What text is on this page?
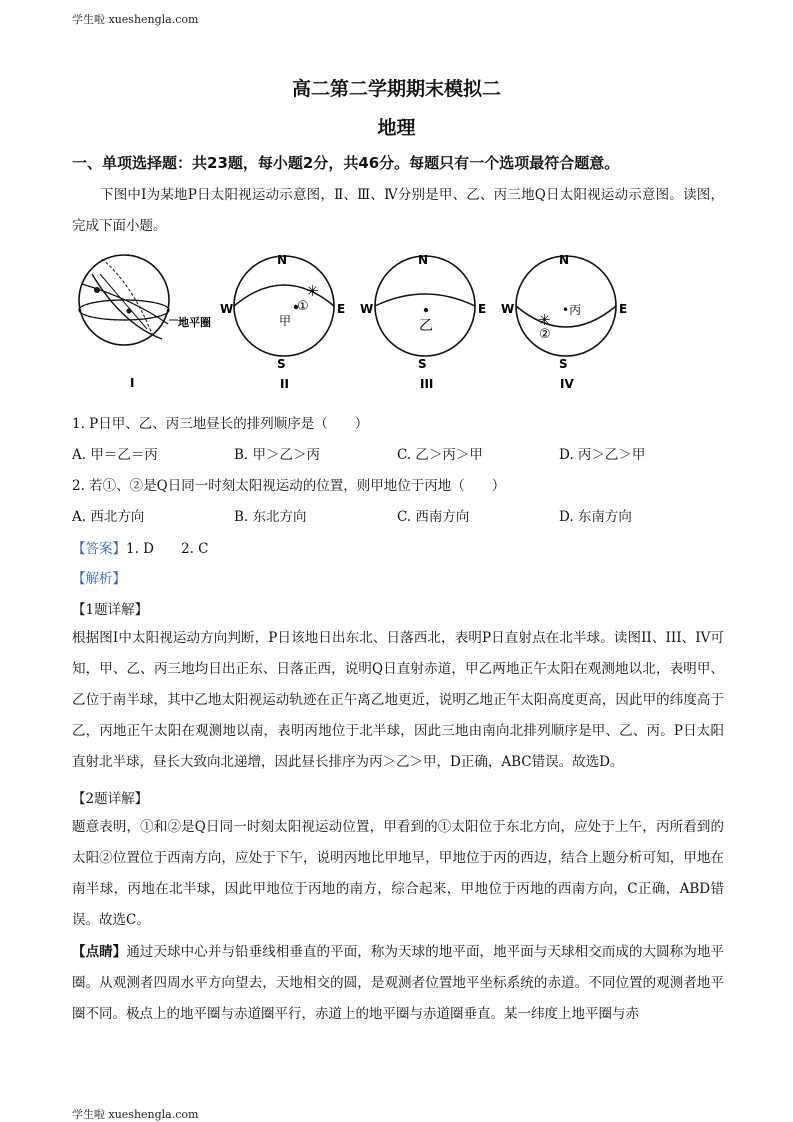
学生啦 xueshengla.com
高二第二学期期末模拟二
地理
一、单项选择题：共23题，每小题2分，共46分。每题只有一个选项最符合题意。
下图中Ⅰ为某地P日太阳视运动示意图，Ⅱ、Ⅲ、Ⅳ分别是甲、乙、丙三地Q日太阳视运动示意图。读图，完成下面小题。
地平圈
I
N
S
W	E
甲
✳
①
II
N
S
W	E
乙
III
N
S
W	E
•丙
✳
②
IV
1. P日甲、乙、丙三地昼长的排列顺序是（　　）
A. 甲＝乙＝丙	B. 甲＞乙＞丙	C. 乙＞丙＞甲	D. 丙＞乙＞甲
2. 若①、②是Q日同一时刻太阳视运动的位置，则甲地位于丙地（　　）
A. 西北方向	B. 东北方向	C. 西南方向	D. 东南方向
【答案】1. D　　2. C
【解析】
【1题详解】
根据图I中太阳视运动方向判断，P日该地日出东北、日落西北，表明P日直射点在北半球。读图II、III、IV可知，甲、乙、丙三地均日出正东、日落正西，说明Q日直射赤道，甲乙两地正午太阳在观测地以北，表明甲、乙位于南半球，其中乙地太阳视运动轨迹在正午离乙地更近，说明乙地正午太阳高度更高，因此甲的纬度高于乙，丙地正午太阳在观测地以南，表明丙地位于北半球，因此三地由南向北排列顺序是甲、乙、丙。P日太阳直射北半球，昼长大致向北递增，因此昼长排序为丙＞乙＞甲，D正确，ABC错误。故选D。
【2题详解】
题意表明，①和②是Q日同一时刻太阳视运动位置，甲看到的①太阳位于东北方向，应处于上午，丙所看到的太阳②位置位于西南方向，应处于下午，说明丙地比甲地早，甲地位于丙的西边，结合上题分析可知，甲地在南半球，丙地在北半球，因此甲地位于丙地的南方，综合起来，甲地位于丙地的西南方向，C正确，ABD错误。故选C。
【点睛】通过天球中心并与铅垂线相垂直的平面，称为天球的地平面，地平面与天球相交而成的大圆称为地平圈。从观测者四周水平方向望去，天地相交的圆，是观测者位置地平坐标系统的赤道。不同位置的观测者地平圈不同。极点上的地平圈与赤道圈平行，赤道上的地平圈与赤道圈垂直。某一纬度上地平圈与赤
学生啦 xueshengla.com
